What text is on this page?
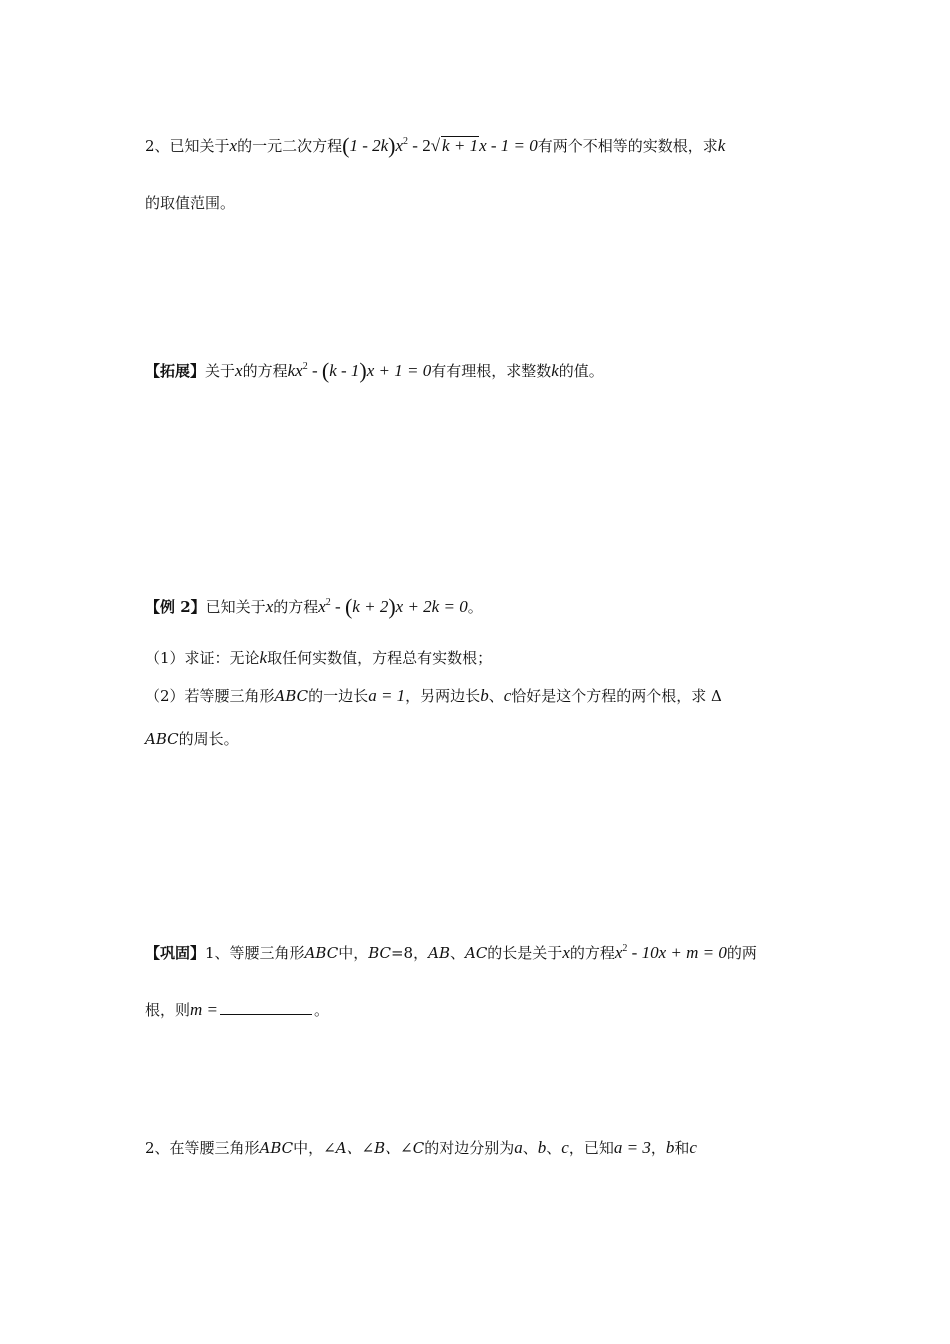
2、已知关于x的一元二次方程$(1 - 2k)x^2 - 2√$ k + 1x - 1 = 0有两个不相等的实数根，求k
的取值范围。
【拓展】关于x的方程$kx^2 - (k - 1)x + 1 = 0$有有理根，求整数k的值。
【例 2】已知关于x的方程$x^2 - (k + 2)x + 2k = 0$。
（1）求证：无论k取任何实数值，方程总有实数根；
（2）若等腰三角形ABC的一边长a = 1，另两边长b、c恰好是这个方程的两个根，求 Δ
ABC的周长。
【巩固】1、等腰三角形ABC中，BC=8，AB、AC的长是关于x的方程$x^2 - 10x + m = 0$的两
根，则m =	。
2、在等腰三角形ABC中，∠A、∠B、∠C的对边分别为a、b、c，已知a = 3，b和c
